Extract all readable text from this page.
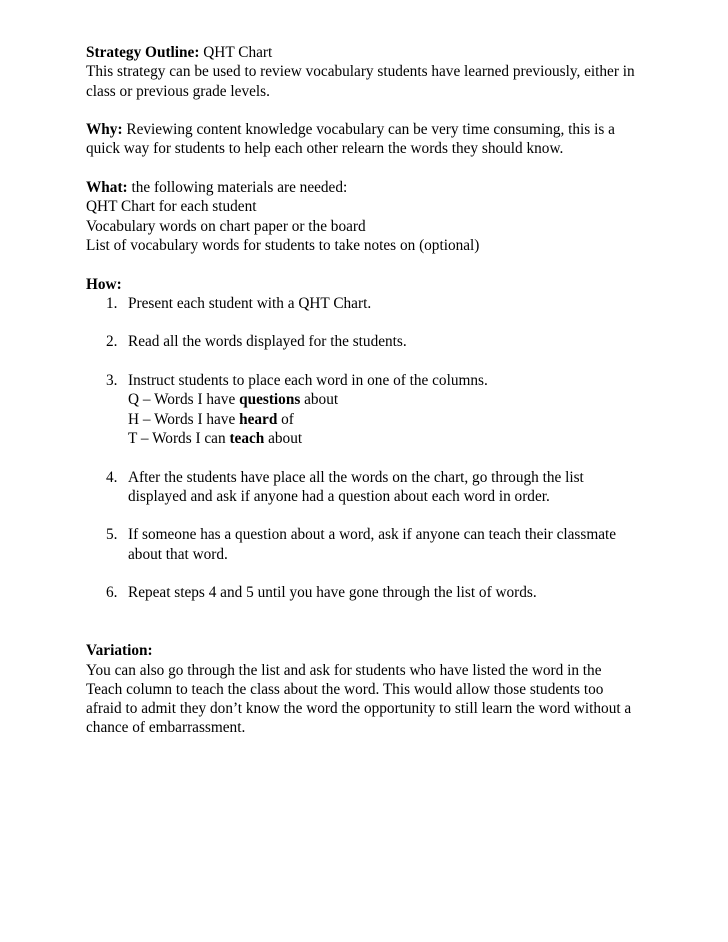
Strategy Outline: QHT Chart

This strategy can be used to review vocabulary students have learned previously, either in

class or previous grade levels.

Why: Reviewing content knowledge vocabulary can be very time consuming, this is a

quick way for students to help each other relearn the words they should know.

What: the following materials are needed:

QHT Chart for each student

Vocabulary words on chart paper or the board

List of vocabulary words for students to take notes on (optional)

How:

1. Present each student with a QHT Chart.
2. Read all the words displayed for the students.
3. Instruct students to place each word in one of the columns.
Q – Words I have questions about
H – Words I have heard of
T – Words I can teach about
4. After the students have place all the words on the chart, go through the list
displayed and ask if anyone had a question about each word in order.
5. If someone has a question about a word, ask if anyone can teach their classmate
about that word.
6. Repeat steps 4 and 5 until you have gone through the list of words.

Variation:

You can also go through the list and ask for students who have listed the word in the

Teach column to teach the class about the word. This would allow those students too

afraid to admit they don’t know the word the opportunity to still learn the word without a

chance of embarrassment.
